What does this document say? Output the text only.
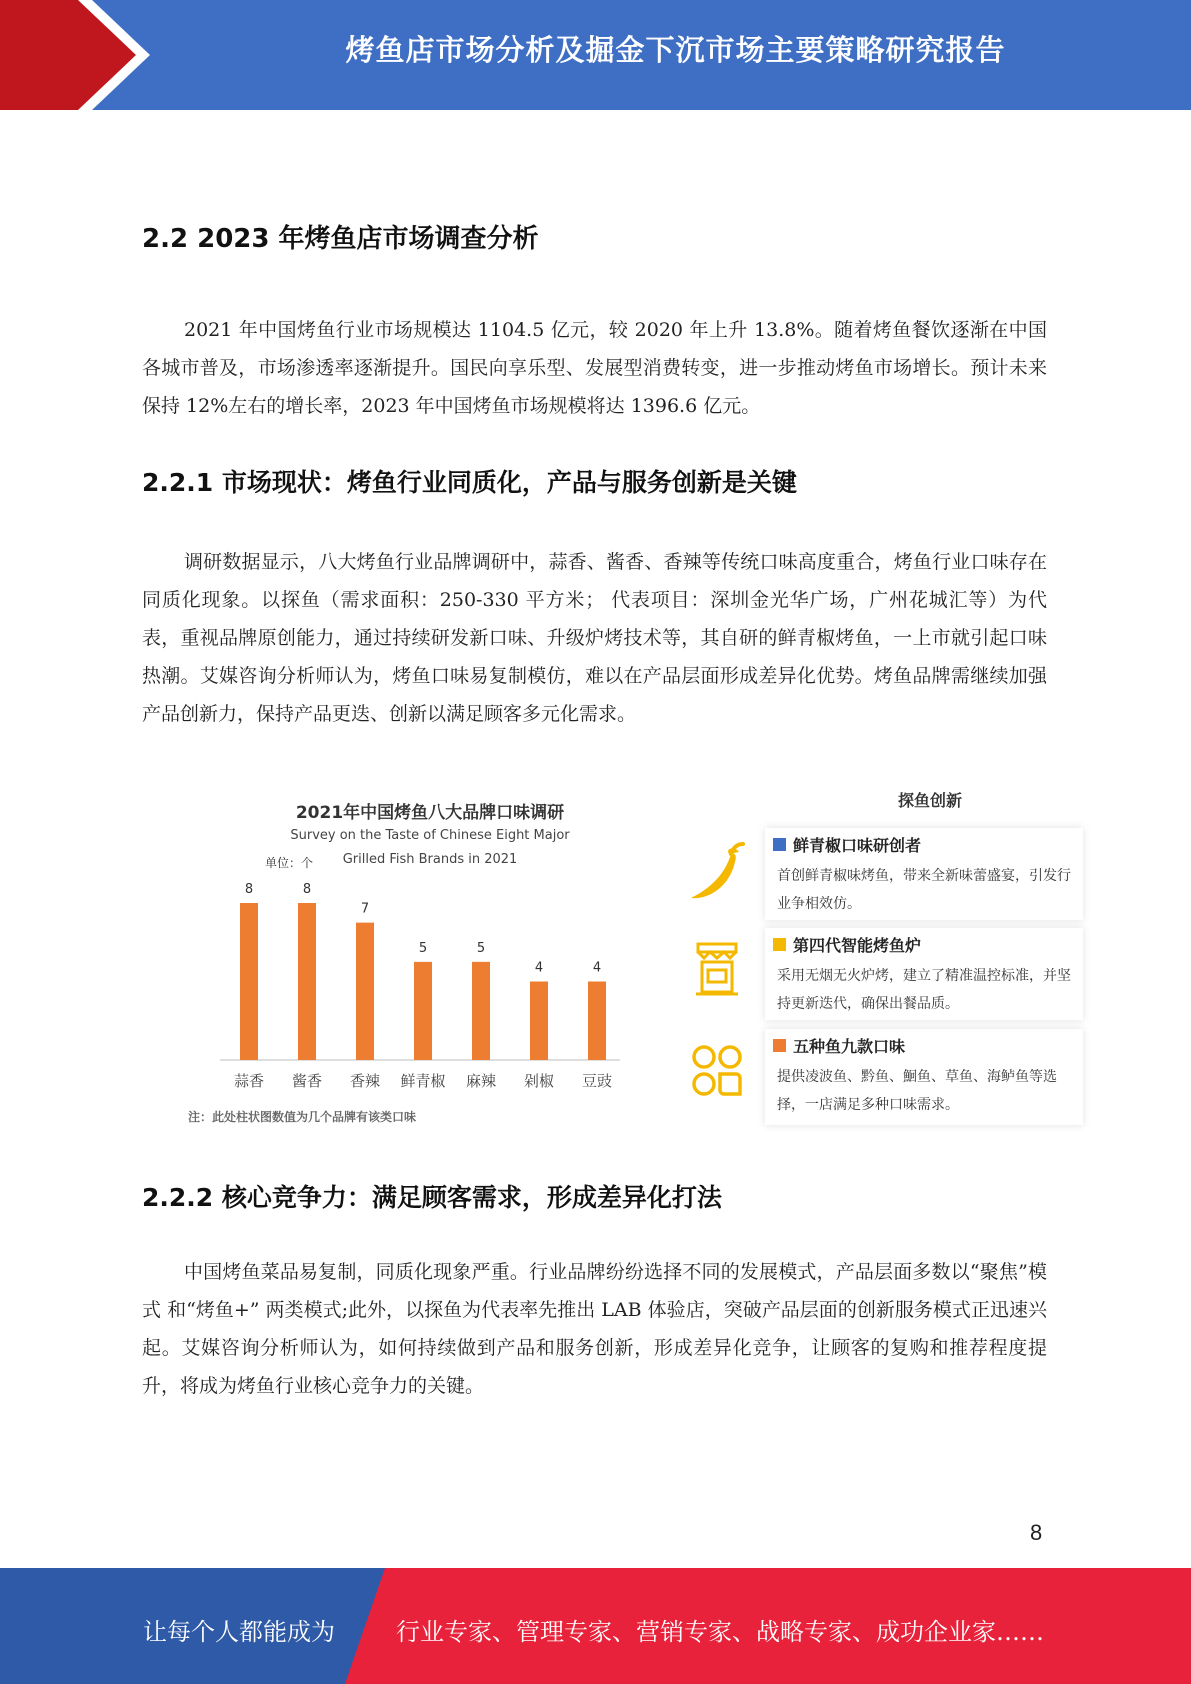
烤鱼店市场分析及掘金下沉市场主要策略研究报告
2.2 2023 年烤鱼店市场调查分析

2021 年中国烤鱼行业市场规模达 1104.5 亿元，较 2020 年上升 13.8%。随着烤鱼餐饮逐渐在中国各城市普及，市场渗透率逐渐提升。国民向享乐型、发展型消费转变，进一步推动烤鱼市场增长。预计未来保持 12%左右的增长率，2023 年中国烤鱼市场规模将达 1396.6 亿元。

2.2.1 市场现状：烤鱼行业同质化，产品与服务创新是关键

调研数据显示，八大烤鱼行业品牌调研中，蒜香、酱香、香辣等传统口味高度重合，烤鱼行业口味存在同质化现象。以探鱼（需求面积：250-330 平方米； 代表项目：深圳金光华广场，广州花城汇等）为代表，重视品牌原创能力，通过持续研发新口味、升级炉烤技术等，其自研的鲜青椒烤鱼，一上市就引起口味热潮。艾媒咨询分析师认为，烤鱼口味易复制模仿，难以在产品层面形成差异化优势。烤鱼品牌需继续加强产品创新力，保持产品更迭、创新以满足顾客多元化需求。

8
蒜香
8
酱香
7
香辣
5
鲜青椒
5
麻辣
4
剁椒
4
豆豉
2021年中国烤鱼八大品牌口味调研
Survey on the Taste of Chinese Eight Major
Grilled Fish Brands in 2021
单位：个
注：此处柱状图数值为几个品牌有该类口味
探鱼创新
鲜青椒口味研创者
首创鲜青椒味烤鱼，带来全新味蕾盛宴，引发行业争相效仿。
第四代智能烤鱼炉
采用无烟无火炉烤，建立了精准温控标准，并坚持更新迭代，确保出餐品质。
五种鱼九款口味
提供凌波鱼、黔鱼、鮰鱼、草鱼、海鲈鱼等选择，一店满足多种口味需求。
2.2.2 核心竞争力：满足顾客需求，形成差异化打法

中国烤鱼菜品易复制，同质化现象严重。行业品牌纷纷选择不同的发展模式，产品层面多数以“聚焦”模式 和“烤鱼+” 两类模式;此外，以探鱼为代表率先推出 LAB 体验店，突破产品层面的创新服务模式正迅速兴起。艾媒咨询分析师认为，如何持续做到产品和服务创新，形成差异化竞争，让顾客的复购和推荐程度提升，将成为烤鱼行业核心竞争力的关键。

8
让每个人都能成为	行业专家、管理专家、营销专家、战略专家、成功企业家……
